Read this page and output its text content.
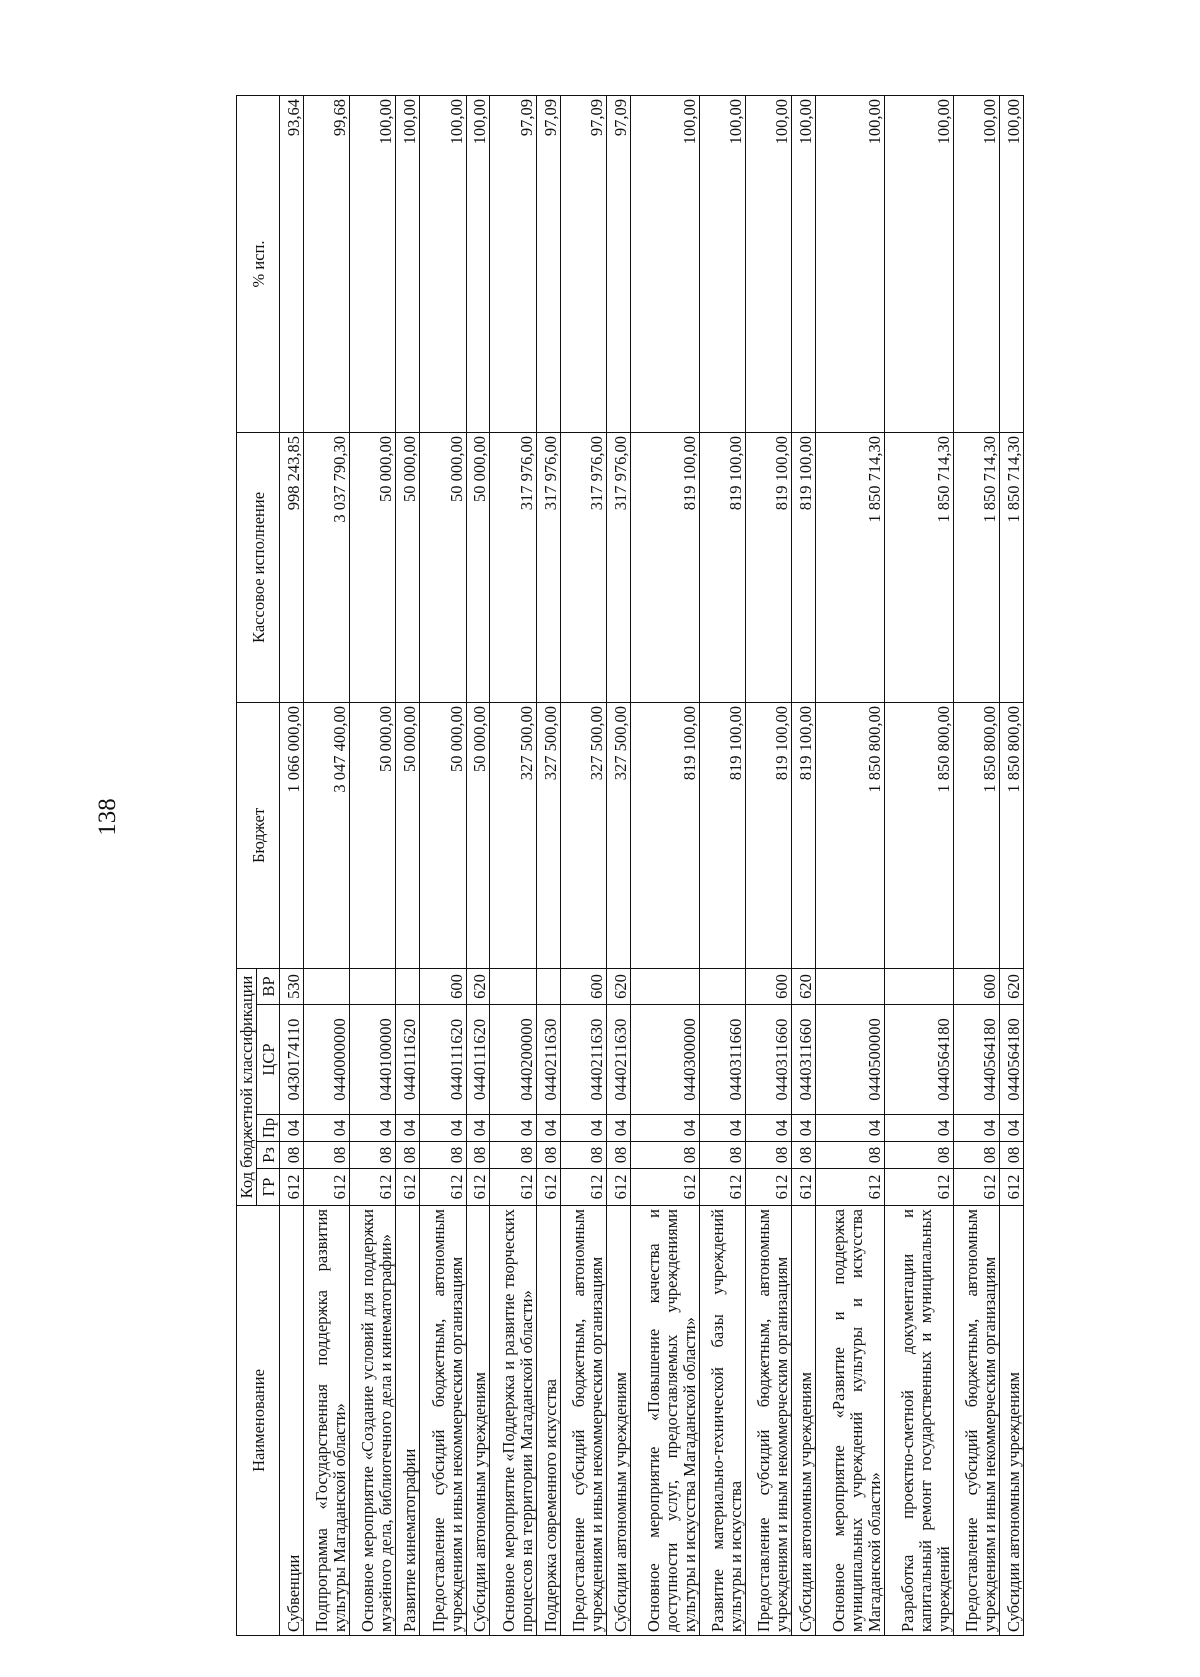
138
Наименование	Код бюджетной классификации					Бюджет	Кассовое исполнение	% исп.
	ГР	Рз	Пр	ЦСР	ВР			
Субвенции	612	08	04	0430174110	530	1 066 000,00	998 243,85	93,64
Подпрограмма «Государственная поддержка развития культуры Магаданской области»	612	08	04	0440000000		3 047 400,00	3 037 790,30	99,68
Основное мероприятие «Создание условий для поддержки музейного дела, библиотечного дела и кинематографии»	612	08	04	0440100000		50 000,00	50 000,00	100,00
Развитие кинематографии	612	08	04	0440111620		50 000,00	50 000,00	100,00
Предоставление субсидий бюджетным, автономным учреждениям и иным некоммерческим организациям	612	08	04	0440111620	600	50 000,00	50 000,00	100,00
Субсидии автономным учреждениям	612	08	04	0440111620	620	50 000,00	50 000,00	100,00
Основное мероприятие «Поддержка и развитие творческих процессов на территории Магаданской области»	612	08	04	0440200000		327 500,00	317 976,00	97,09
Поддержка современного искусства	612	08	04	0440211630		327 500,00	317 976,00	97,09
Предоставление субсидий бюджетным, автономным учреждениям и иным некоммерческим организациям	612	08	04	0440211630	600	327 500,00	317 976,00	97,09
Субсидии автономным учреждениям	612	08	04	0440211630	620	327 500,00	317 976,00	97,09
Основное мероприятие «Повышение качества и доступности услуг, предоставляемых учреждениями культуры и искусства Магаданской области»	612	08	04	0440300000		819 100,00	819 100,00	100,00
Развитие материально-технической базы учреждений культуры и искусства	612	08	04	0440311660		819 100,00	819 100,00	100,00
Предоставление субсидий бюджетным, автономным учреждениям и иным некоммерческим организациям	612	08	04	0440311660	600	819 100,00	819 100,00	100,00
Субсидии автономным учреждениям	612	08	04	0440311660	620	819 100,00	819 100,00	100,00
Основное мероприятие «Развитие и поддержка муниципальных учреждений культуры и искусства Магаданской области»	612	08	04	0440500000		1 850 800,00	1 850 714,30	100,00
Разработка проектно-сметной документации и капитальный ремонт государственных и муниципальных учреждений	612	08	04	0440564180		1 850 800,00	1 850 714,30	100,00
Предоставление субсидий бюджетным, автономным учреждениям и иным некоммерческим организациям	612	08	04	0440564180	600	1 850 800,00	1 850 714,30	100,00
Субсидии автономным учреждениям	612	08	04	0440564180	620	1 850 800,00	1 850 714,30	100,00
